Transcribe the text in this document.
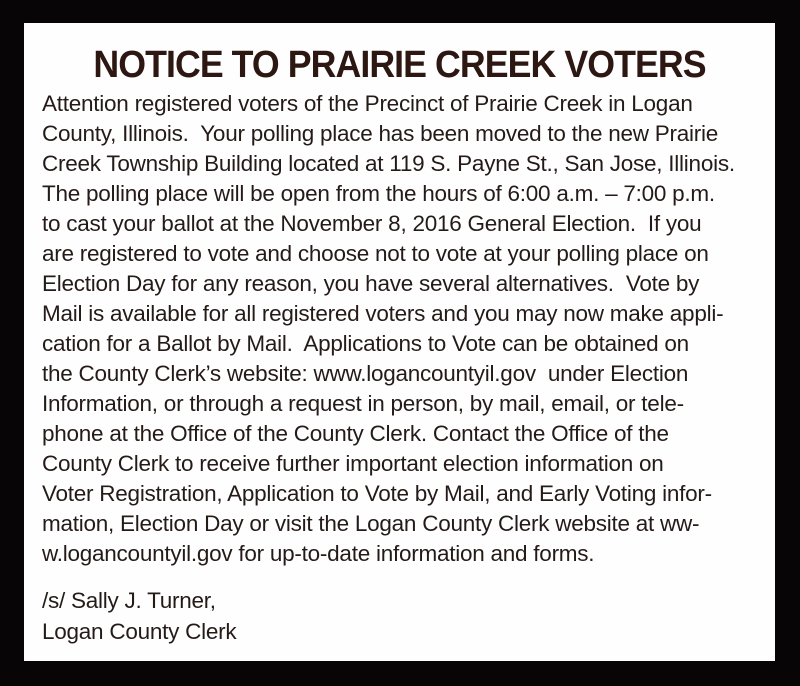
NOTICE TO PRAIRIE CREEK VOTERS
Attention registered voters of the Precinct of Prairie Creek in Logan
County, Illinois.  Your polling place has been moved to the new Prairie
Creek Township Building located at 119 S. Payne St., San Jose, Illinois.
The polling place will be open from the hours of 6:00 a.m. – 7:00 p.m.
to cast your ballot at the November 8, 2016 General Election.  If you
are registered to vote and choose not to vote at your polling place on
Election Day for any reason, you have several alternatives.  Vote by
Mail is available for all registered voters and you may now make appli-
cation for a Ballot by Mail.  Applications to Vote can be obtained on
the County Clerk’s website: www.logancountyil.gov  under Election
Information, or through a request in person, by mail, email, or tele-
phone at the Office of the County Clerk. Contact the Office of the
County Clerk to receive further important election information on
Voter Registration, Application to Vote by Mail, and Early Voting infor-
mation, Election Day or visit the Logan County Clerk website at ww-
w.logancountyil.gov for up-to-date information and forms.
/s/ Sally J. Turner,
Logan County Clerk
